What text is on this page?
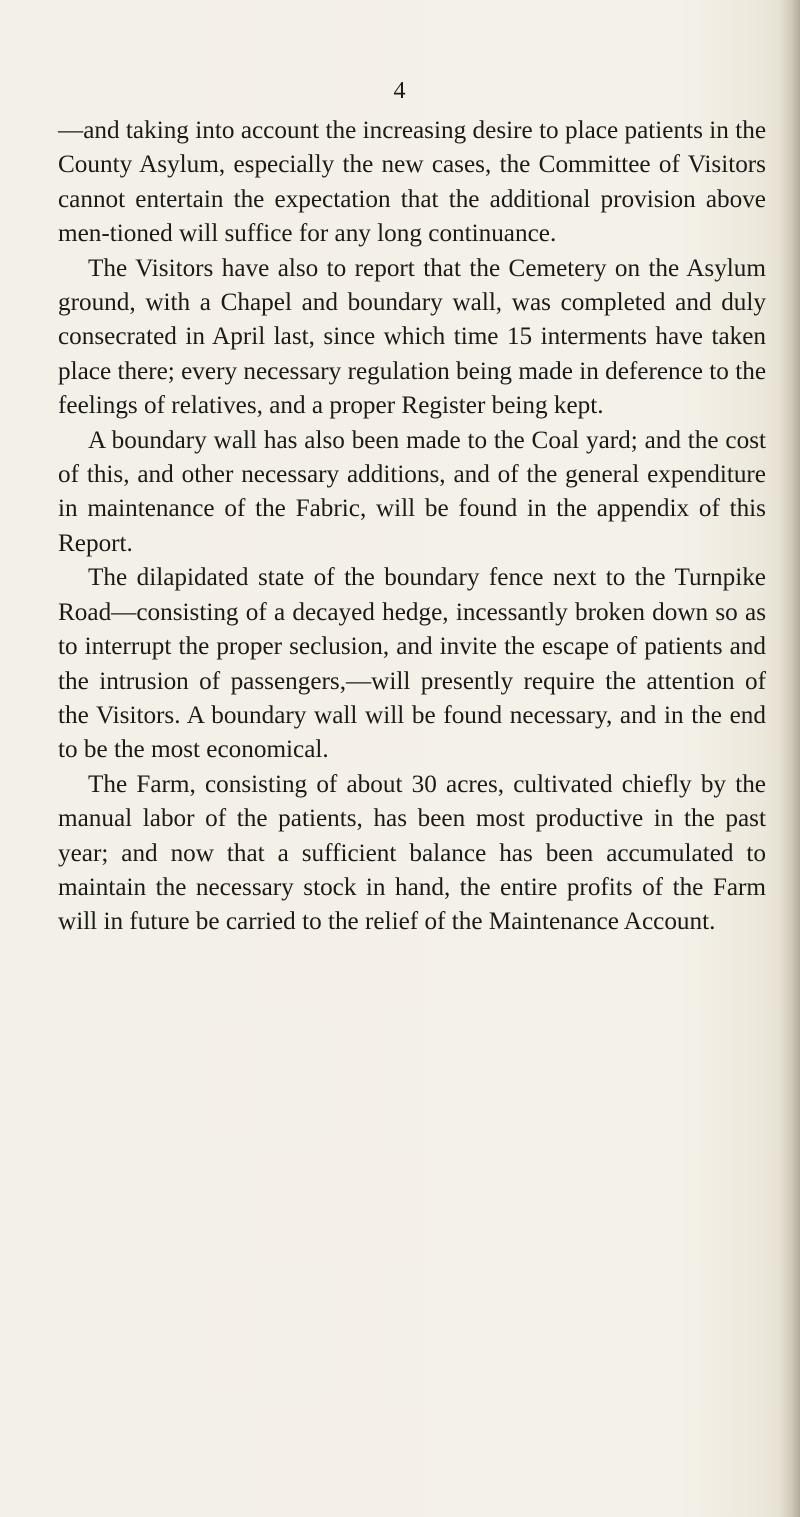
4

—and taking into account the increasing desire to place patients in the County Asylum, especially the new cases, the Committee of Visitors cannot entertain the expectation that the additional provision above men-tioned will suffice for any long continuance.

The Visitors have also to report that the Cemetery on the Asylum ground, with a Chapel and boundary wall, was completed and duly consecrated in April last, since which time 15 interments have taken place there; every necessary regulation being made in deference to the feelings of relatives, and a proper Register being kept.

A boundary wall has also been made to the Coal yard; and the cost of this, and other necessary additions, and of the general expenditure in maintenance of the Fabric, will be found in the appendix of this Report.

The dilapidated state of the boundary fence next to the Turnpike Road—consisting of a decayed hedge, incessantly broken down so as to interrupt the proper seclusion, and invite the escape of patients and the intrusion of passengers,—will presently require the attention of the Visitors. A boundary wall will be found necessary, and in the end to be the most economical.

The Farm, consisting of about 30 acres, cultivated chiefly by the manual labor of the patients, has been most productive in the past year; and now that a sufficient balance has been accumulated to maintain the necessary stock in hand, the entire profits of the Farm will in future be carried to the relief of the Maintenance Account.
